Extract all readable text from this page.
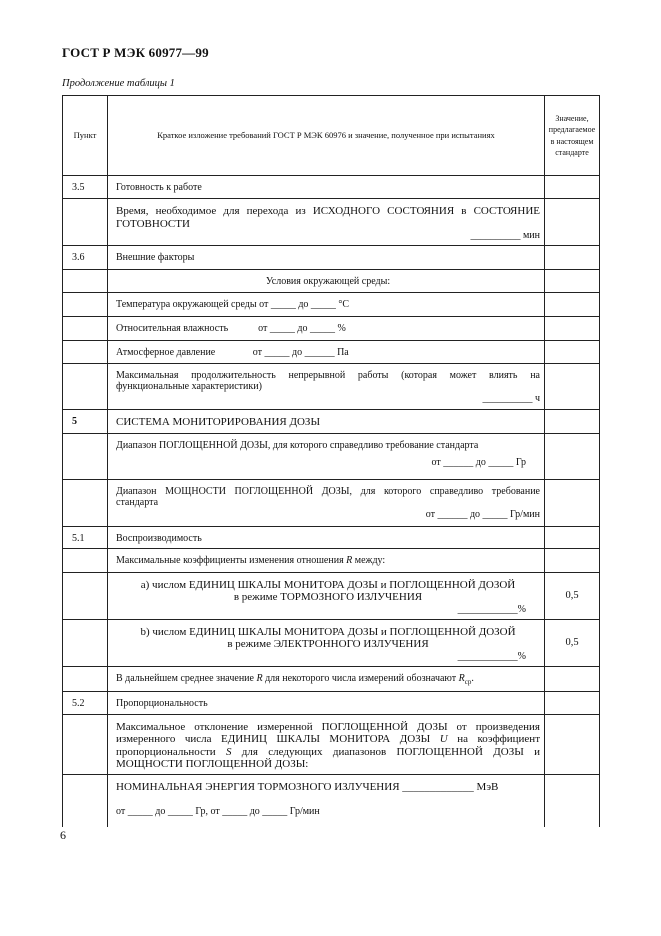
ГОСТ Р МЭК 60977—99
Продолжение таблицы 1
Пункт	Краткое изложение требований ГОСТ Р МЭК 60976 и значение, полученное при испытаниях	Значение, предлагаемое в настоящем стандарте
3.5	Готовность к работе	

	Время, необходимое для перехода из ИСХОДНОГО СОСТОЯНИЯ в СОСТОЯНИЕ ГОТОВНОСТИ
__________ мин	

3.6	Внешние факторы	
	Условия окружающей среды:	
	Температура окружающей среды от _____ до _____ °С	
	Относительная влажность            от _____ до _____ %	
	Атмосферное давление               от _____ до ______ Па	

	Максимальная продолжительность непрерывной работы (которая может влиять на функциональные характеристики)
__________ ч	

5	СИСТЕМА МОНИТОРИРОВАНИЯ ДОЗЫ	

	Диапазон ПОГЛОЩЕННОЙ ДОЗЫ, для которого справедливо требование стандарта
от ______ до _____ Гр	

	Диапазон МОЩНОСТИ ПОГЛОЩЕННОЙ ДОЗЫ, для которого справедливо требование стандарта
от ______ до _____ Гр/мин	

5.1	Воспроизводимость	
	Максимальные коэффициенты изменения отношения R между:	

	a) числом ЕДИНИЦ ШКАЛЫ МОНИТОРА ДОЗЫ и ПОГЛОЩЕННОЙ ДОЗОЙ
в режиме ТОРМОЗНОГО ИЗЛУЧЕНИЯ
____________%	0,5

	b) числом ЕДИНИЦ ШКАЛЫ МОНИТОРА ДОЗЫ и ПОГЛОЩЕННОЙ ДОЗОЙ
в режиме ЭЛЕКТРОННОГО ИЗЛУЧЕНИЯ
____________%	0,5
	В дальнейшем среднее значение R для некоторого числа измерений обозначают $R_{ср}$.	
5.2	Пропорциональность	
	Максимальное отклонение измеренной ПОГЛОЩЕННОЙ ДОЗЫ от произведения измеренного числа ЕДИНИЦ ШКАЛЫ МОНИТОРА ДОЗЫ U на коэффициент пропорциональности S для следующих диапазонов ПОГЛОЩЕННОЙ ДОЗЫ и МОЩНОСТИ ПОГЛОЩЕННОЙ ДОЗЫ:	

	НОМИНАЛЬНАЯ ЭНЕРГИЯ ТОРМОЗНОГО ИЗЛУЧЕНИЯ _____________ МэВ
от _____ до _____ Гр, от _____ до _____ Гр/мин	

6
